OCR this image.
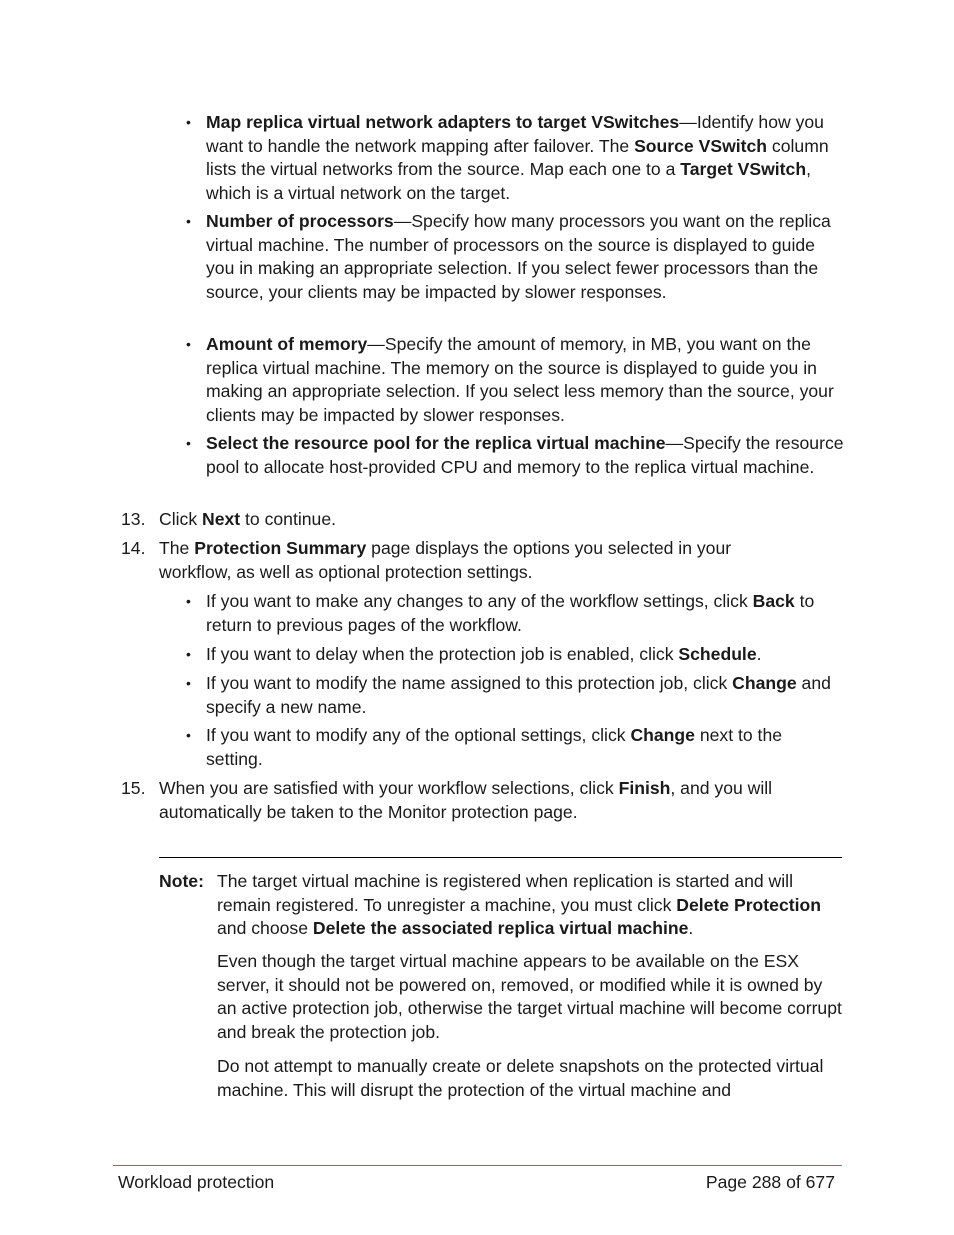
• Map replica virtual network adapters to target VSwitches—Identify how you want to handle the network mapping after failover. The Source VSwitch column lists the virtual networks from the source. Map each one to a Target VSwitch, which is a virtual network on the target.
• Number of processors—Specify how many processors you want on the replica virtual machine. The number of processors on the source is displayed to guide you in making an appropriate selection. If you select fewer processors than the source, your clients may be impacted by slower responses.
• Amount of memory—Specify the amount of memory, in MB, you want on the replica virtual machine. The memory on the source is displayed to guide you in making an appropriate selection. If you select less memory than the source, your clients may be impacted by slower responses.
• Select the resource pool for the replica virtual machine—Specify the resource pool to allocate host-provided CPU and memory to the replica virtual machine.
13. Click Next to continue.
14. The Protection Summary page displays the options you selected in your workflow, as well as optional protection settings.
• If you want to make any changes to any of the workflow settings, click Back to return to previous pages of the workflow.
• If you want to delay when the protection job is enabled, click Schedule.
• If you want to modify the name assigned to this protection job, click Change and specify a new name.
• If you want to modify any of the optional settings, click Change next to the setting.
15. When you are satisfied with your workflow selections, click Finish, and you will automatically be taken to the Monitor protection page.
Note: The target virtual machine is registered when replication is started and will remain registered. To unregister a machine, you must click Delete Protection and choose Delete the associated replica virtual machine.
Even though the target virtual machine appears to be available on the ESX server, it should not be powered on, removed, or modified while it is owned by an active protection job, otherwise the target virtual machine will become corrupt and break the protection job.
Do not attempt to manually create or delete snapshots on the protected virtual machine. This will disrupt the protection of the virtual machine and
Workload protection	Page 288 of 677
